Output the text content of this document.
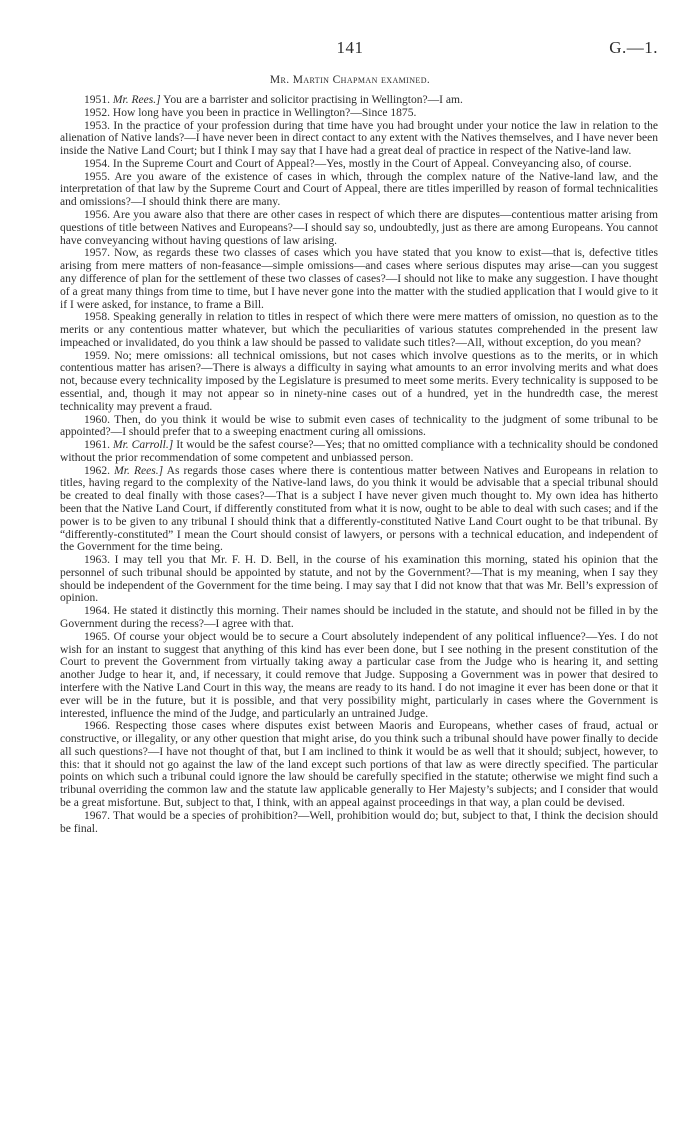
141	G.—1.
Mr. Martin Chapman examined.

1951. Mr. Rees.] You are a barrister and solicitor practising in Wellington?—I am.

1952. How long have you been in practice in Wellington?—Since 1875.

1953. In the practice of your profession during that time have you had brought under your notice the law in relation to the alienation of Native lands?—I have never been in direct contact to any extent with the Natives themselves, and I have never been inside the Native Land Court; but I think I may say that I have had a great deal of practice in respect of the Native-land law.

1954. In the Supreme Court and Court of Appeal?—Yes, mostly in the Court of Appeal. Conveyancing also, of course.

1955. Are you aware of the existence of cases in which, through the complex nature of the Native-land law, and the interpretation of that law by the Supreme Court and Court of Appeal, there are titles imperilled by reason of formal technicalities and omissions?—I should think there are many.

1956. Are you aware also that there are other cases in respect of which there are disputes—contentious matter arising from questions of title between Natives and Europeans?—I should say so, undoubtedly, just as there are among Europeans. You cannot have conveyancing without having questions of law arising.

1957. Now, as regards these two classes of cases which you have stated that you know to exist—that is, defective titles arising from mere matters of non-feasance—simple omissions—and cases where serious disputes may arise—can you suggest any difference of plan for the settlement of these two classes of cases?—I should not like to make any suggestion. I have thought of a great many things from time to time, but I have never gone into the matter with the studied application that I would give to it if I were asked, for instance, to frame a Bill.

1958. Speaking generally in relation to titles in respect of which there were mere matters of omission, no question as to the merits or any contentious matter whatever, but which the peculiarities of various statutes comprehended in the present law impeached or invalidated, do you think a law should be passed to validate such titles?—All, without exception, do you mean?

1959. No; mere omissions: all technical omissions, but not cases which involve questions as to the merits, or in which contentious matter has arisen?—There is always a difficulty in saying what amounts to an error involving merits and what does not, because every technicality imposed by the Legislature is presumed to meet some merits. Every technicality is supposed to be essential, and, though it may not appear so in ninety-nine cases out of a hundred, yet in the hundredth case, the merest technicality may prevent a fraud.

1960. Then, do you think it would be wise to submit even cases of technicality to the judgment of some tribunal to be appointed?—I should prefer that to a sweeping enactment curing all omissions.

1961. Mr. Carroll.] It would be the safest course?—Yes; that no omitted compliance with a technicality should be condoned without the prior recommendation of some competent and unbiassed person.

1962. Mr. Rees.] As regards those cases where there is contentious matter between Natives and Europeans in relation to titles, having regard to the complexity of the Native-land laws, do you think it would be advisable that a special tribunal should be created to deal finally with those cases?—That is a subject I have never given much thought to. My own idea has hitherto been that the Native Land Court, if differently constituted from what it is now, ought to be able to deal with such cases; and if the power is to be given to any tribunal I should think that a differently-constituted Native Land Court ought to be that tribunal. By “differently-constituted” I mean the Court should consist of lawyers, or persons with a technical education, and independent of the Government for the time being.

1963. I may tell you that Mr. F. H. D. Bell, in the course of his examination this morning, stated his opinion that the personnel of such tribunal should be appointed by statute, and not by the Government?—That is my meaning, when I say they should be independent of the Government for the time being. I may say that I did not know that that was Mr. Bell’s expression of opinion.

1964. He stated it distinctly this morning. Their names should be included in the statute, and should not be filled in by the Government during the recess?—I agree with that.

1965. Of course your object would be to secure a Court absolutely independent of any political influence?—Yes. I do not wish for an instant to suggest that anything of this kind has ever been done, but I see nothing in the present constitution of the Court to prevent the Government from virtually taking away a particular case from the Judge who is hearing it, and setting another Judge to hear it, and, if necessary, it could remove that Judge. Supposing a Government was in power that desired to interfere with the Native Land Court in this way, the means are ready to its hand. I do not imagine it ever has been done or that it ever will be in the future, but it is possible, and that very possibility might, particularly in cases where the Government is interested, influence the mind of the Judge, and particularly an untrained Judge.

1966. Respecting those cases where disputes exist between Maoris and Europeans, whether cases of fraud, actual or constructive, or illegality, or any other question that might arise, do you think such a tribunal should have power finally to decide all such questions?—I have not thought of that, but I am inclined to think it would be as well that it should; subject, however, to this: that it should not go against the law of the land except such portions of that law as were directly specified. The particular points on which such a tribunal could ignore the law should be carefully specified in the statute; otherwise we might find such a tribunal overriding the common law and the statute law applicable generally to Her Majesty’s subjects; and I consider that would be a great misfortune. But, subject to that, I think, with an appeal against proceedings in that way, a plan could be devised.

1967. That would be a species of prohibition?—Well, prohibition would do; but, subject to that, I think the decision should be final.
